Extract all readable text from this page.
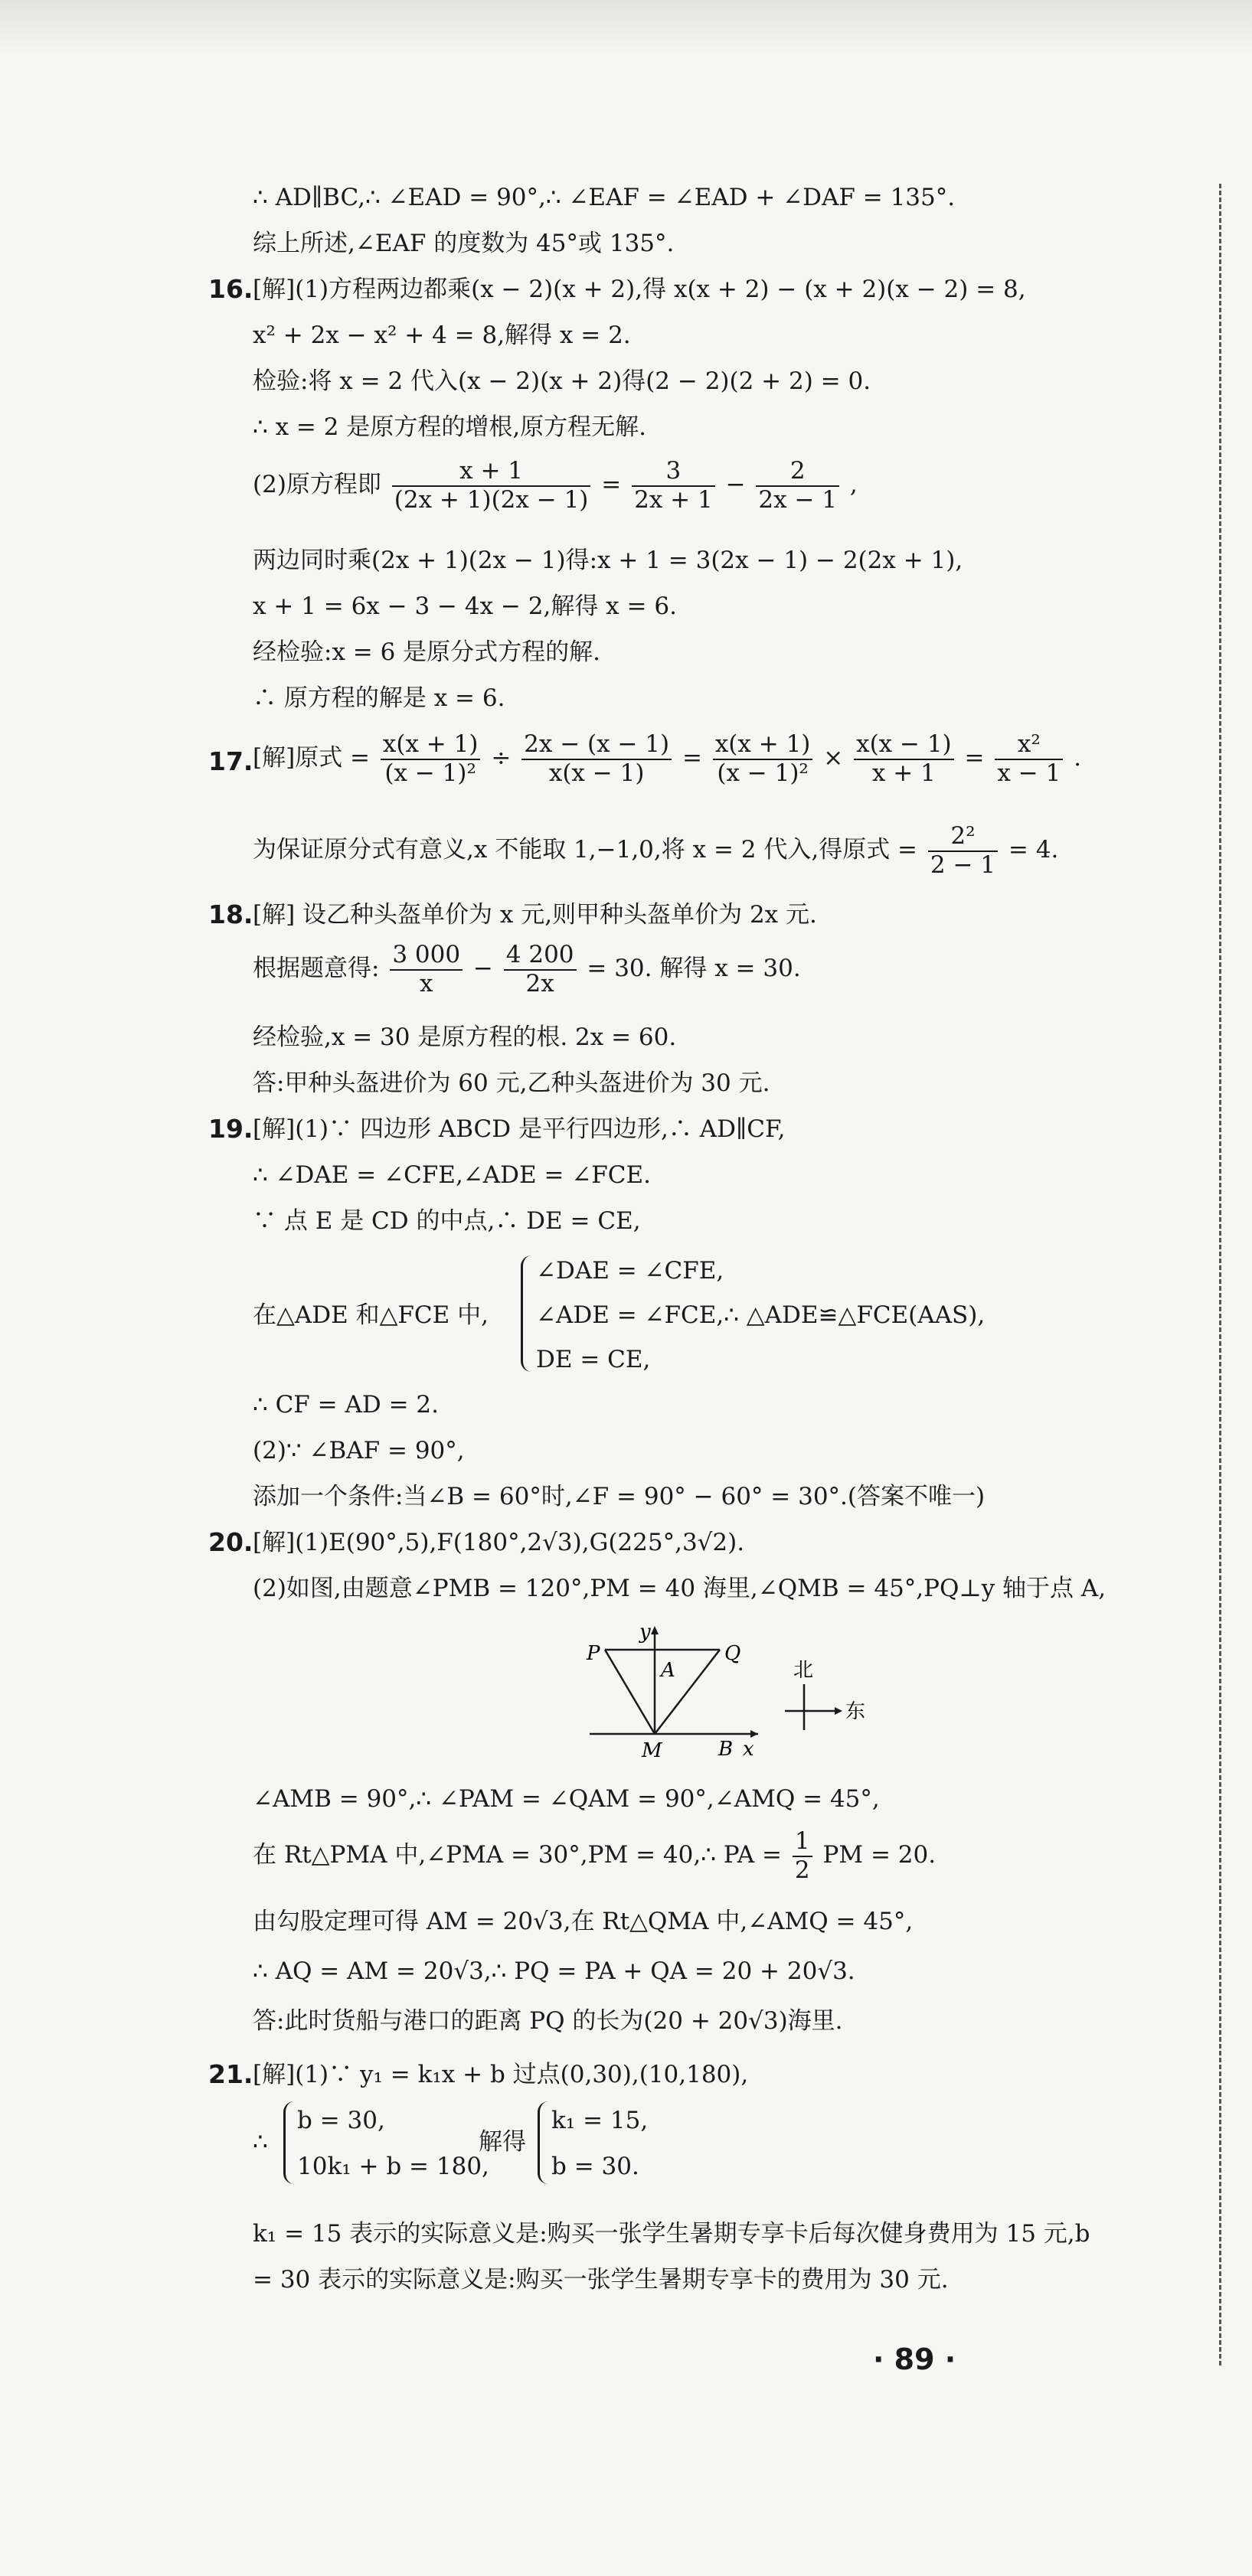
∴ AD∥BC,∴ ∠EAD = 90°,∴ ∠EAF = ∠EAD + ∠DAF = 135°.
综上所述,∠EAF 的度数为 45°或 135°.
16. [解](1)方程两边都乘(x − 2)(x + 2),得 x(x + 2) − (x + 2)(x − 2) = 8,
x² + 2x − x² + 4 = 8,解得 x = 2.
检验:将 x = 2 代入(x − 2)(x + 2)得(2 − 2)(2 + 2) = 0.
∴ x = 2 是原方程的增根,原方程无解.
(2)原方程即 $\frac{x + 1}{(2x + 1)(2x - 1)} = \frac{3}{2x + 1} - \frac{2}{2x - 1}$ ,
两边同时乘(2x + 1)(2x − 1)得:x + 1 = 3(2x − 1) − 2(2x + 1),
x + 1 = 6x − 3 − 4x − 2,解得 x = 6.
经检验:x = 6 是原分式方程的解.
∴ 原方程的解是 x = 6.
17. [解]原式 = $\frac{x(x + 1)}{\text{(x − 1)²}} \div \frac{2x - (x - 1)}{x(x - 1)} = \frac{x(x + 1)}{\text{(x − 1)²}} \times \frac{x(x - 1)}{x + 1} = \frac{\text{x²}}{x - 1}$ .
为保证原分式有意义,x 不能取 1,−1,0,将 x = 2 代入,得原式 = $\frac{\text{2²}}{2 - 1} = 4$.
18. [解] 设乙种头盔单价为 x 元,则甲种头盔单价为 2x 元.
根据题意得: $\frac{3 000}{x} - \frac{4 200}{2x} = 30$. 解得 x = 30.
经检验,x = 30 是原方程的根. 2x = 60.
答:甲种头盔进价为 60 元,乙种头盔进价为 30 元.
19. [解](1)∵ 四边形 ABCD 是平行四边形,∴ AD∥CF,
∴ ∠DAE = ∠CFE,∠ADE = ∠FCE.
∵ 点 E 是 CD 的中点,∴ DE = CE,
在△ADE 和△FCE 中,
∠DAE = ∠CFE,
∠ADE = ∠FCE,∴ △ADE≌△FCE(AAS),
DE = CE,
∴ CF = AD = 2.
(2)∵ ∠BAF = 90°,
添加一个条件:当∠B = 60°时,∠F = 90° − 60° = 30°.(答案不唯一)
20. [解](1)E(90°,5),F(180°,2√3),G(225°,3√2).
(2)如图,由题意∠PMB = 120°,PM = 40 海里,∠QMB = 45°,PQ⊥y 轴于点 A,
y
P	Q
A
M	B x
北
东
∠AMB = 90°,∴ ∠PAM = ∠QAM = 90°,∠AMQ = 45°,
在 Rt△PMA 中,∠PMA = 30°,PM = 40,∴ PA = $\frac{1}{2}$ PM = 20.
由勾股定理可得 AM = 20√3,在 Rt△QMA 中,∠AMQ = 45°,
∴ AQ = AM = 20√3,∴ PQ = PA + QA = 20 + 20√3.
答:此时货船与港口的距离 PQ 的长为(20 + 20√3)海里.
21. [解](1)∵ y₁ = k₁x + b 过点(0,30),(10,180),
∴
b = 30,
10k₁ + b = 180,
解得
k₁ = 15,
b = 30.
k₁ = 15 表示的实际意义是:购买一张学生暑期专享卡后每次健身费用为 15 元,b
= 30 表示的实际意义是:购买一张学生暑期专享卡的费用为 30 元.
· 89 ·
